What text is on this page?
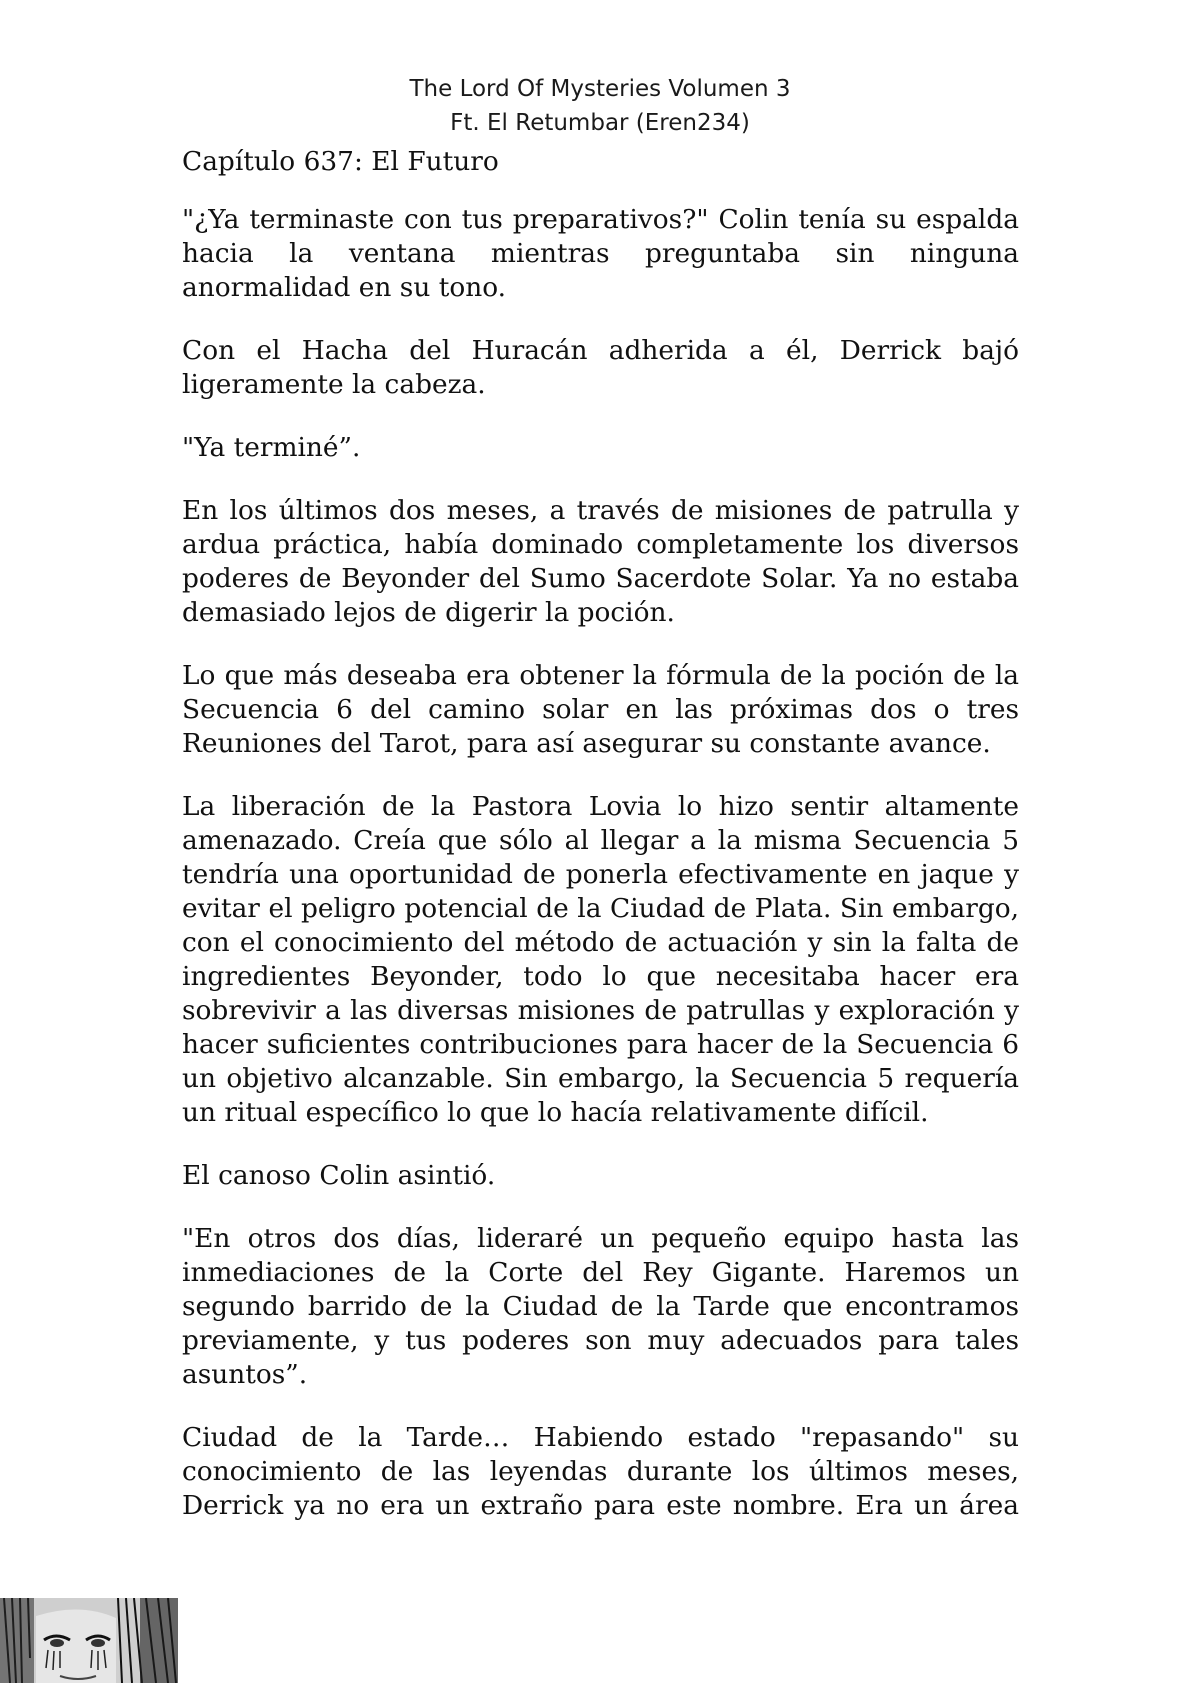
The Lord Of Mysteries Volumen 3
Ft. El Retumbar (Eren234)
Capítulo 637: El Futuro

"¿Ya terminaste con tus preparativos?" Colin tenía su espalda hacia la ventana mientras preguntaba sin ninguna anormalidad en su tono.

Con el Hacha del Huracán adherida a él, Derrick bajó ligeramente la cabeza.

"Ya terminé”.

En los últimos dos meses, a través de misiones de patrulla y ardua práctica, había dominado completamente los diversos poderes de Beyonder del Sumo Sacerdote Solar. Ya no estaba demasiado lejos de digerir la poción.

Lo que más deseaba era obtener la fórmula de la poción de la Secuencia 6 del camino solar en las próximas dos o tres Reuniones del Tarot, para así asegurar su constante avance.

La liberación de la Pastora Lovia lo hizo sentir altamente amenazado. Creía que sólo al llegar a la misma Secuencia 5 tendría una oportunidad de ponerla efectivamente en jaque y evitar el peligro potencial de la Ciudad de Plata. Sin embargo, con el conocimiento del método de actuación y sin la falta de ingredientes Beyonder, todo lo que necesitaba hacer era sobrevivir a las diversas misiones de patrullas y exploración y hacer suficientes contribuciones para hacer de la Secuencia 6 un objetivo alcanzable. Sin embargo, la Secuencia 5 requería un ritual específico lo que lo hacía relativamente difícil.

El canoso Colin asintió.

"En otros dos días, lideraré un pequeño equipo hasta las inmediaciones de la Corte del Rey Gigante. Haremos un segundo barrido de la Ciudad de la Tarde que encontramos previamente, y tus poderes son muy adecuados para tales asuntos”.

Ciudad de la Tarde… Habiendo estado "repasando" su conocimiento de las leyendas durante los últimos meses, Derrick ya no era un extraño para este nombre. Era un área
